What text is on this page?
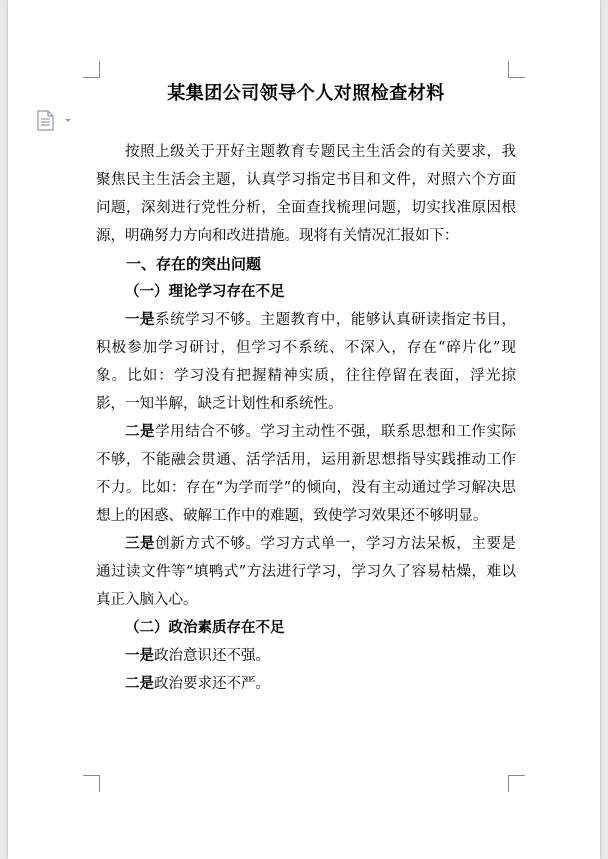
某集团公司领导个人对照检查材料

按照上级关于开好主题教育专题民主生活会的有关要求，我聚焦民主生活会主题，认真学习指定书目和文件，对照六个方面问题，深刻进行党性分析，全面查找梳理问题，切实找准原因根源，明确努力方向和改进措施。现将有关情况汇报如下：

一、存在的突出问题

（一）理论学习存在不足

一是系统学习不够。主题教育中，能够认真研读指定书目，积极参加学习研讨，但学习不系统、不深入，存在“碎片化”现象。比如：学习没有把握精神实质，往往停留在表面，浮光掠影，一知半解，缺乏计划性和系统性。

二是学用结合不够。学习主动性不强，联系思想和工作实际不够，不能融会贯通、活学活用，运用新思想指导实践推动工作不力。比如：存在“为学而学”的倾向，没有主动通过学习解决思想上的困惑、破解工作中的难题，致使学习效果还不够明显。

三是创新方式不够。学习方式单一，学习方法呆板，主要是通过读文件等“填鸭式”方法进行学习，学习久了容易枯燥，难以真正入脑入心。

（二）政治素质存在不足

一是政治意识还不强。

二是政治要求还不严。
